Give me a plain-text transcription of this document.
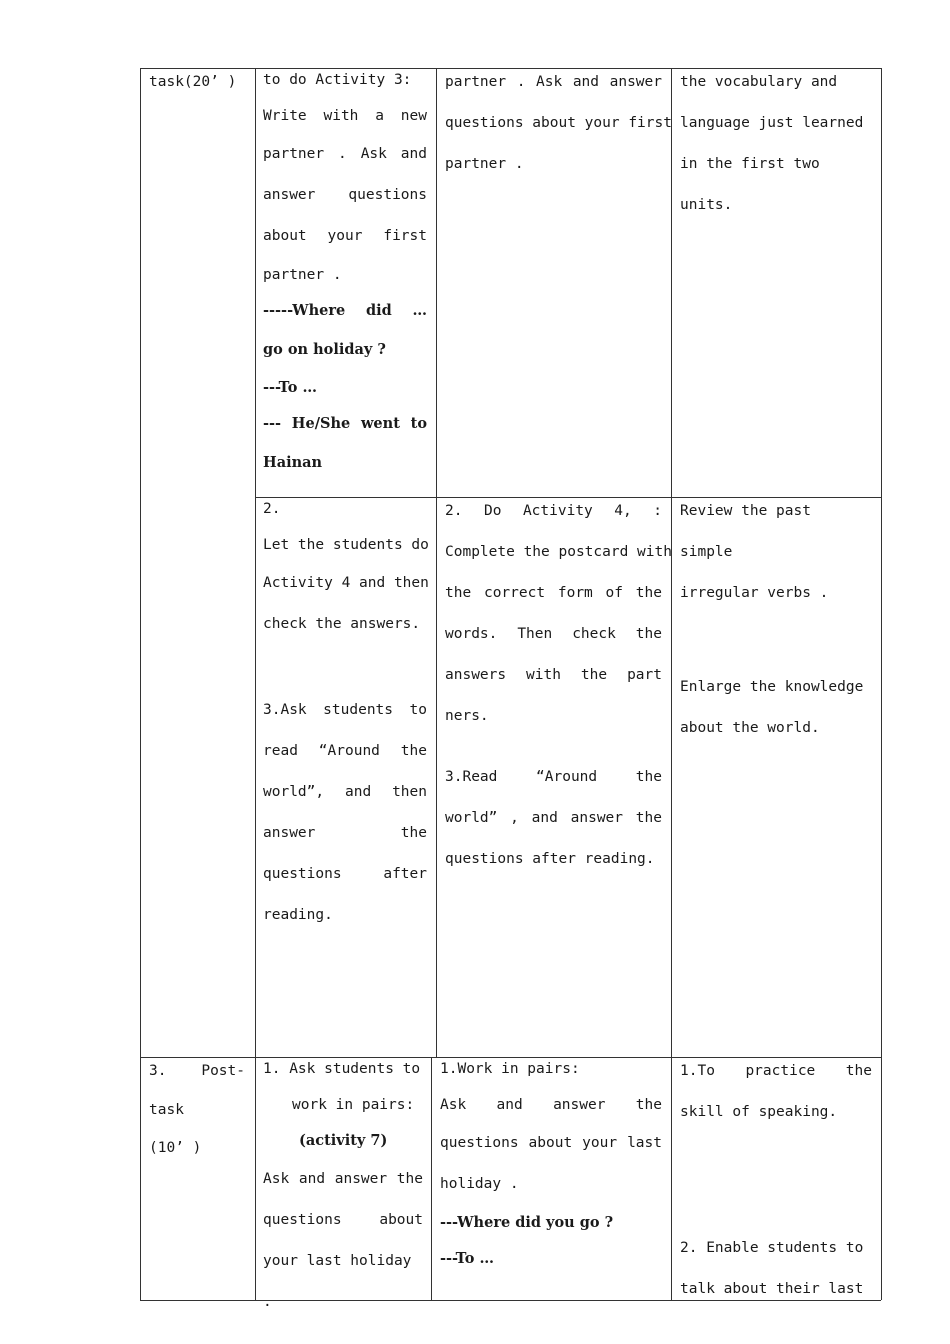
task(20’ )	to do Activity 3:

Write with a new

partner . Ask and

answer questions

about your first

partner .

-----Where did …

go on holiday ?

---To …

--- He/She went to

Hainan

partner . Ask and answer

questions about your first

partner .

the vocabulary and

language just learned

in the first two

units.

2.

Let the students do

Activity 4 and then

check the answers.

3.Ask students to

read “Around the

world”, and then

answer the

questions after

reading.

2. Do Activity 4, :

Complete the postcard with

the correct form of the

words. Then check the

answers with the part

ners.

3.Read “Around the

world” , and answer the

questions after reading.

Review the past simple

irregular verbs .

Enlarge the knowledge

about the world.

3. Post-

task

(10’ )

1. Ask students to

work in pairs:

(activity 7)

Ask and answer the

questions about

your last holiday .

1.Work in pairs:

Ask and answer the

questions about your last

holiday .

---Where did you go ?

---To …

1.To practice the

skill of speaking.

2. Enable students to

talk about their last
